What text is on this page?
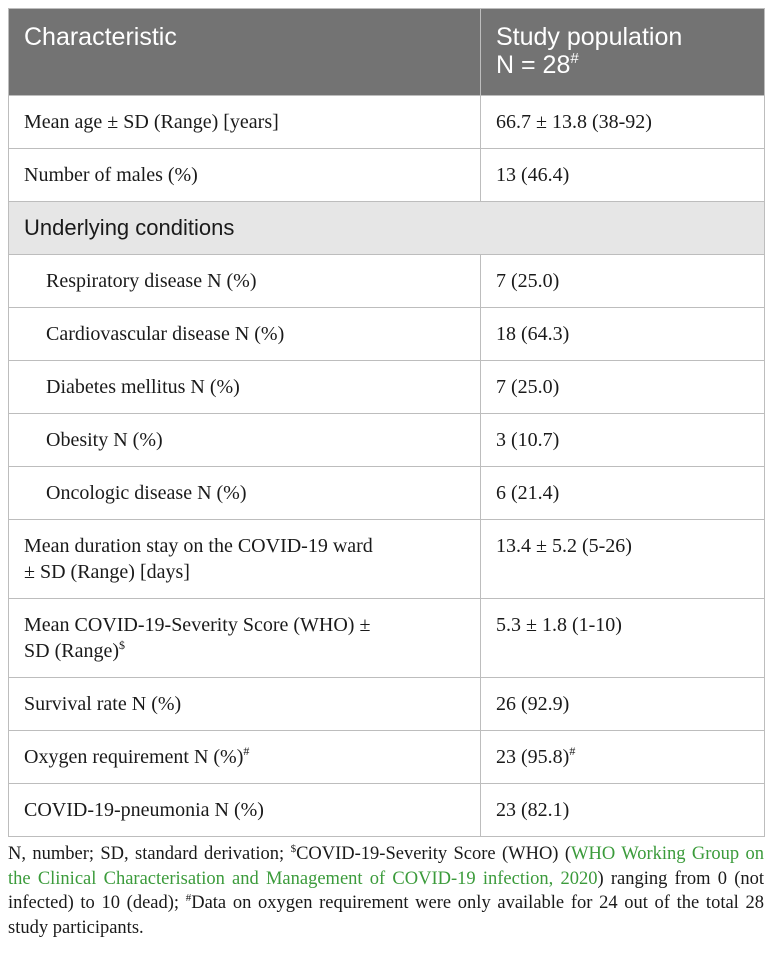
Characteristic	Study population
N = 28#
Mean age ± SD (Range) [years]	66.7 ± 13.8 (38-92)
Number of males (%)	13 (46.4)
Underlying conditions	
Respiratory disease N (%)	7 (25.0)
Cardiovascular disease N (%)	18 (64.3)
Diabetes mellitus N (%)	7 (25.0)
Obesity N (%)	3 (10.7)
Oncologic disease N (%)	6 (21.4)
Mean duration stay on the COVID-19 ward
± SD (Range) [days]	13.4 ± 5.2 (5-26)
Mean COVID-19-Severity Score (WHO) ±
SD (Range)$	5.3 ± 1.8 (1-10)
Survival rate N (%)	26 (92.9)
Oxygen requirement N (%)#	23 (95.8)#
COVID-19-pneumonia N (%)	23 (82.1)
N, number; SD, standard derivation; $COVID-19-Severity Score (WHO) (WHO Working Group on the Clinical Characterisation and Management of COVID-19 infection, 2020) ranging from 0 (not infected) to 10 (dead); #Data on oxygen requirement were only available for 24 out of the total 28 study participants.
